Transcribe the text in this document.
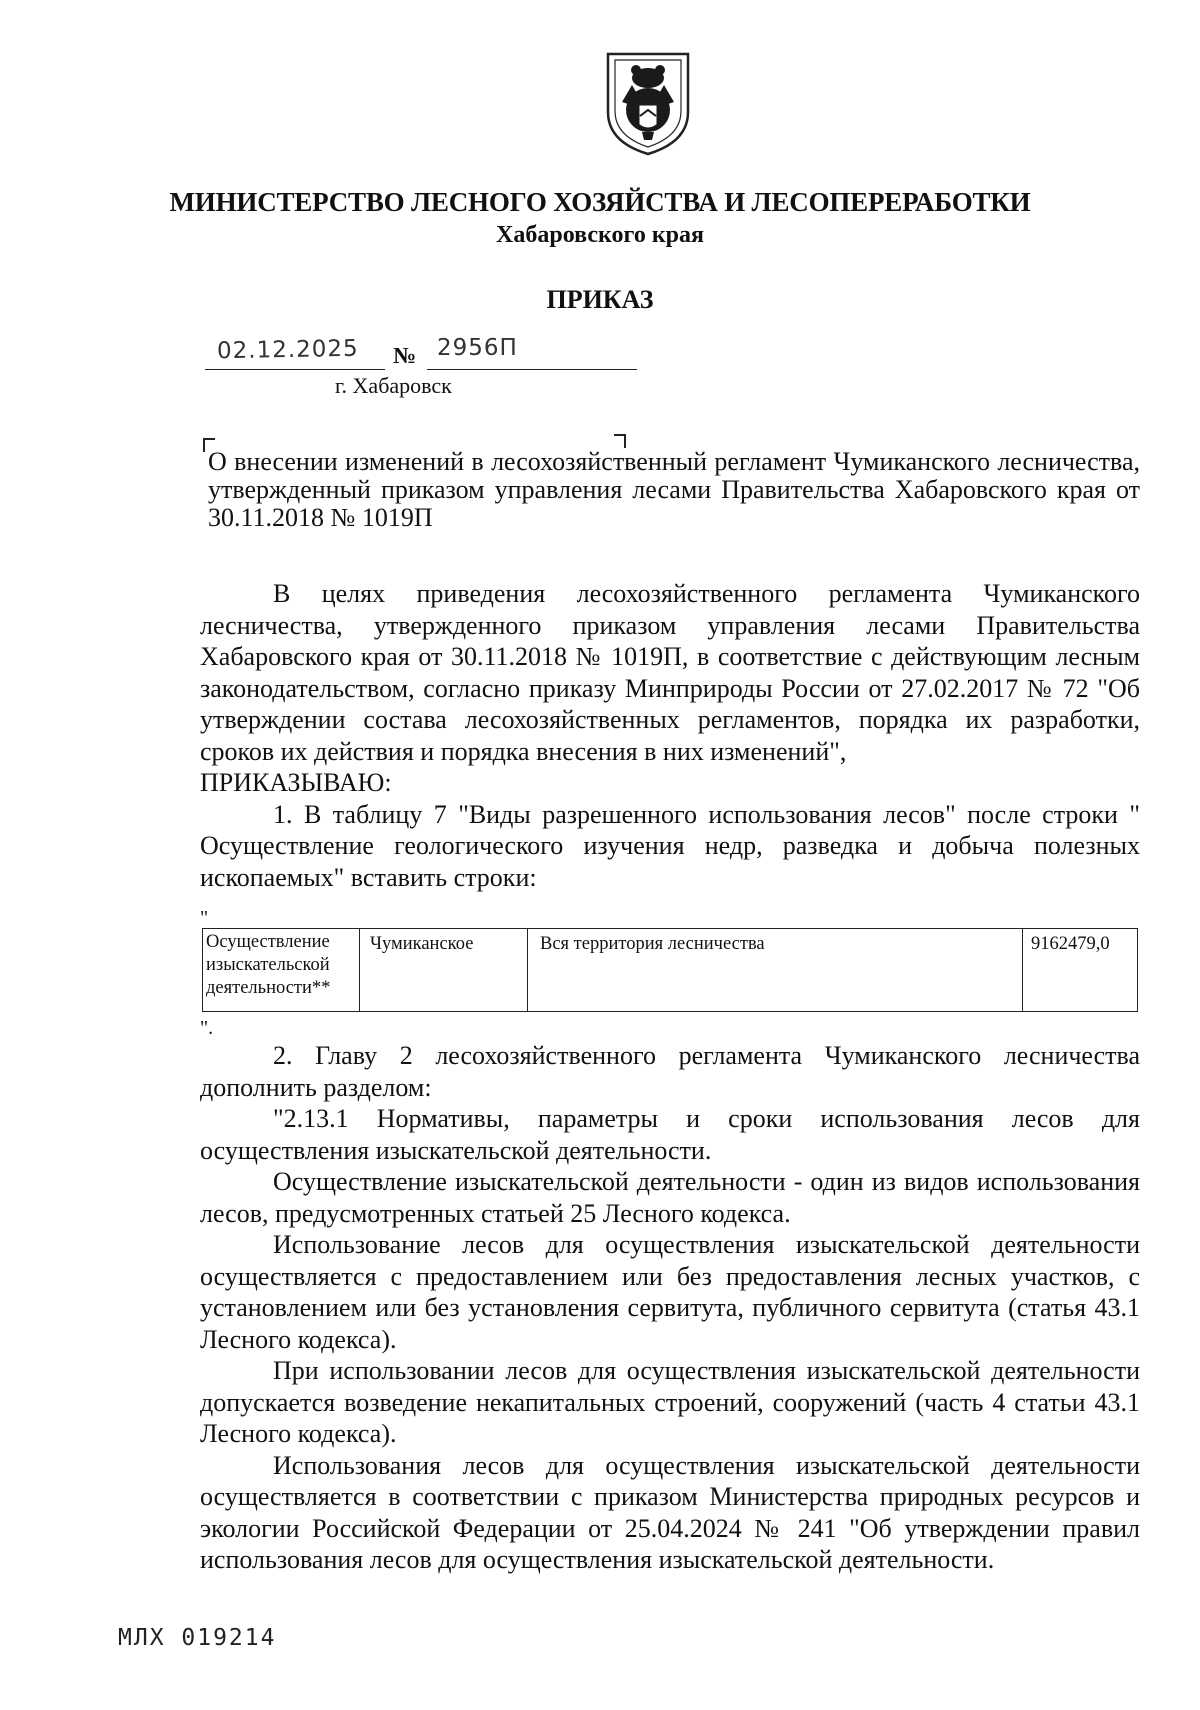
МИНИСТЕРСТВО ЛЕСНОГО ХОЗЯЙСТВА И ЛЕСОПЕРЕРАБОТКИ
Хабаровского края
ПРИКАЗ
02.12.2025 № 2956П
г. Хабаровск
О внесении изменений в лесохозяйственный регламент Чумиканского лесничества, утвержденный приказом управления лесами Правительства Хабаровского края от 30.11.2018 № 1019П

В целях приведения лесохозяйственного регламента Чумиканского лесничества, утвержденного приказом управления лесами Правительства Хабаровского края от 30.11.2018 № 1019П, в соответствие с действующим лесным законодательством, согласно приказу Минприроды России от 27.02.2017 № 72 "Об утверждении состава лесохозяйственных регламентов, порядка их разработки, сроков их действия и порядка внесения в них изменений",

ПРИКАЗЫВАЮ:

1. В таблицу 7 "Виды разрешенного использования лесов" после строки " Осуществление геологического изучения недр, разведка и добыча полезных ископаемых" вставить строки:

"
Осуществление изыскательской деятельности**	Чумиканское	Вся территория лесничества	9162479,0
".

2. Главу 2 лесохозяйственного регламента Чумиканского лесничества дополнить разделом:

"2.13.1 Нормативы, параметры и сроки использования лесов для осуществления изыскательской деятельности.

Осуществление изыскательской деятельности - один из видов использования лесов, предусмотренных статьей 25 Лесного кодекса.

Использование лесов для осуществления изыскательской деятельности осуществляется с предоставлением или без предоставления лесных участков, с установлением или без установления сервитута, публичного сервитута (статья 43.1 Лесного кодекса).

При использовании лесов для осуществления изыскательской деятельности допускается возведение некапитальных строений, сооружений (часть 4 статьи 43.1 Лесного кодекса).

Использования лесов для осуществления изыскательской деятельности осуществляется в соответствии с приказом Министерства природных ресурсов и экологии Российской Федерации от 25.04.2024 № 241 "Об утверждении правил использования лесов для осуществления изыскательской деятельности.

МЛХ 019214
